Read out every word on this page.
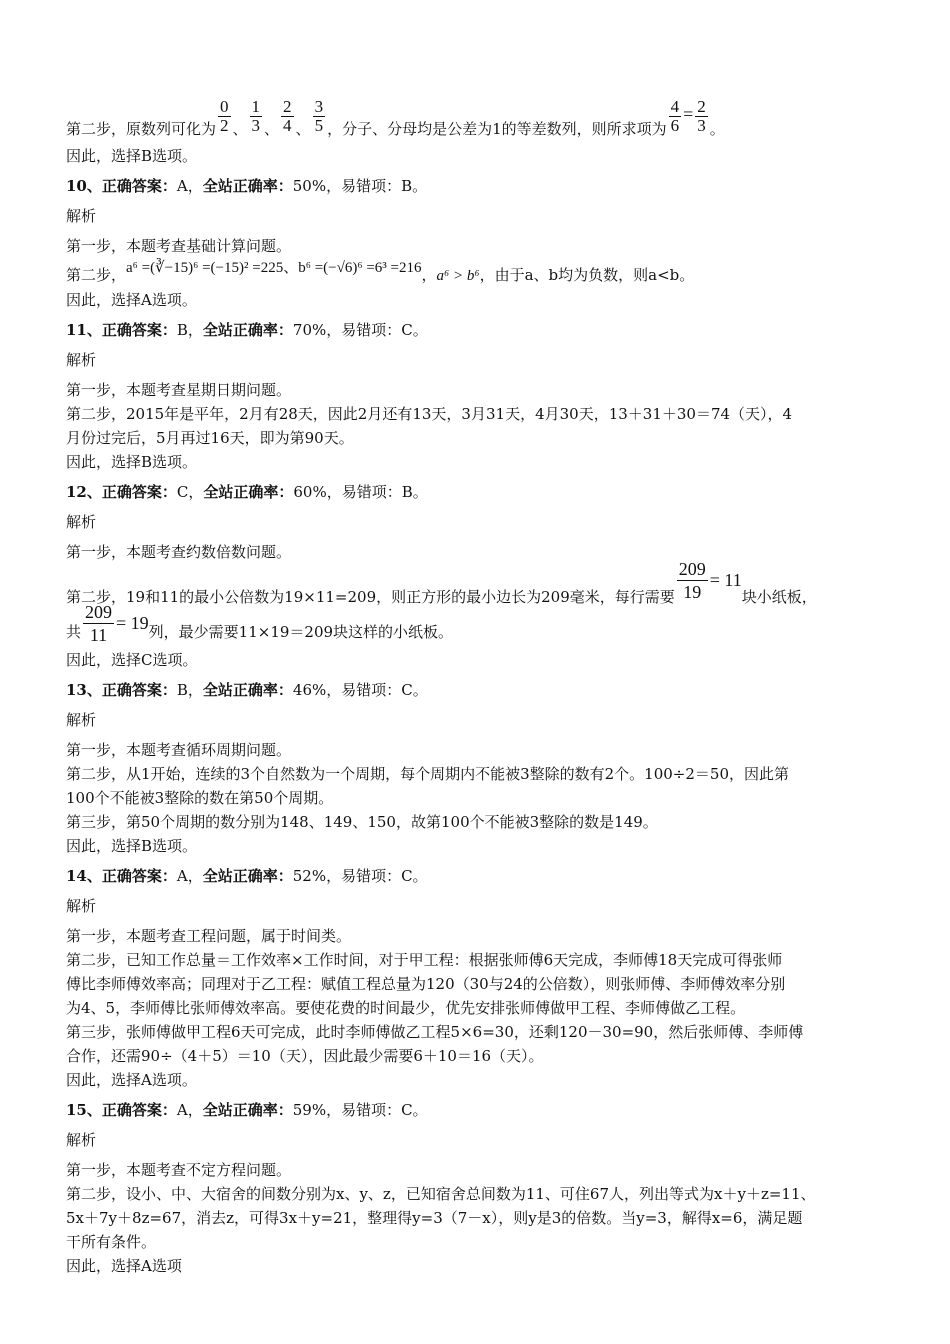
第二步，原数列可化为 $\frac{0}{2}$ 、 $\frac{1}{3}$ 、 $\frac{2}{4}$ 、 $\frac{3}{5}$ ，分子、分母均是公差为1的等差数列，则所求项为 $\frac{4}{6} = \frac{2}{3}$ 。
因此，选择B选项。
10、正确答案：A，全站正确率：50%，易错项：B。
解析
第一步，本题考查基础计算问题。
第二步，a⁶ =(∛−15)⁶ =(−15)² =225、b⁶ =(−√6)⁶ =6³ =216，a⁶ > b⁶，由于a、b均为负数，则a<b。
因此，选择A选项。
11、正确答案：B，全站正确率：70%，易错项：C。
解析
第一步，本题考查星期日期问题。
第二步，2015年是平年，2月有28天，因此2月还有13天，3月31天，4月30天，13＋31＋30＝74（天），4
月份过完后，5月再过16天，即为第90天。
因此，选择B选项。
12、正确答案：C，全站正确率：60%，易错项：B。
解析
第一步，本题考查约数倍数问题。
第二步，19和11的最小公倍数为19×11=209，则正方形的最小边长为209毫米，每行需要 $\frac{209}{19} = 11$块小纸板，
共 $\frac{209}{11} = 19$列，最少需要11×19＝209块这样的小纸板。
因此，选择C选项。
13、正确答案：B，全站正确率：46%，易错项：C。
解析
第一步，本题考查循环周期问题。
第二步，从1开始，连续的3个自然数为一个周期，每个周期内不能被3整除的数有2个。100÷2＝50，因此第
100个不能被3整除的数在第50个周期。
第三步，第50个周期的数分别为148、149、150，故第100个不能被3整除的数是149。
因此，选择B选项。
14、正确答案：A，全站正确率：52%，易错项：C。
解析
第一步，本题考查工程问题，属于时间类。
第二步，已知工作总量＝工作效率×工作时间，对于甲工程：根据张师傅6天完成，李师傅18天完成可得张师
傅比李师傅效率高；同理对于乙工程：赋值工程总量为120（30与24的公倍数），则张师傅、李师傅效率分别
为4、5，李师傅比张师傅效率高。要使花费的时间最少，优先安排张师傅做甲工程、李师傅做乙工程。
第三步，张师傅做甲工程6天可完成，此时李师傅做乙工程5×6=30，还剩120－30=90，然后张师傅、李师傅
合作，还需90÷（4＋5）＝10（天），因此最少需要6＋10＝16（天）。
因此，选择A选项。
15、正确答案：A，全站正确率：59%，易错项：C。
解析
第一步，本题考查不定方程问题。
第二步，设小、中、大宿舍的间数分别为x、y、z，已知宿舍总间数为11、可住67人，列出等式为x＋y＋z=11、
5x＋7y＋8z=67，消去z，可得3x＋y=21，整理得y=3（7－x），则y是3的倍数。当y=3，解得x=6，满足题
干所有条件。
因此，选择A选项
